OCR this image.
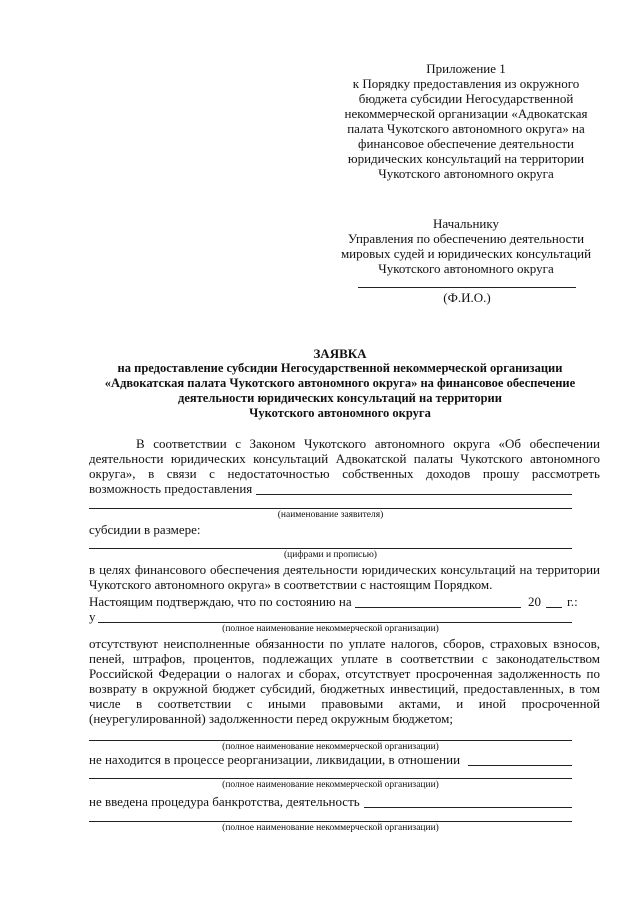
Приложение 1
к Порядку предоставления из окружного
бюджета субсидии Негосударственной
некоммерческой организации «Адвокатская
палата Чукотского автономного округа» на
финансовое обеспечение деятельности
юридических консультаций на территории
Чукотского автономного округа
Начальнику
Управления по обеспечению деятельности
мировых судей и юридических консультаций
Чукотского автономного округа
(Ф.И.О.)
ЗАЯВКА
на предоставление субсидии Негосударственной некоммерческой организации
«Адвокатская палата Чукотского автономного округа» на финансовое обеспечение
деятельности юридических консультаций на территории
Чукотского автономного округа
В соответствии с Законом Чукотского автономного округа «Об обеспечении
деятельности юридических консультаций Адвокатской палаты Чукотского автономного
округа», в связи с недостаточностью собственных доходов прошу рассмотреть
возможность предоставления
(наименование заявителя)
субсидии в размере:
(цифрами и прописью)
в целях финансового обеспечения деятельности юридических консультаций на территории
Чукотского автономного округа» в соответствии с настоящим Порядком.
Настоящим подтверждаю, что по состоянию на	20 г.:
у
(полное наименование некоммерческой организации)
отсутствуют неисполненные обязанности по уплате налогов, сборов, страховых взносов,
пеней, штрафов, процентов, подлежащих уплате в соответствии с законодательством
Российской Федерации о налогах и сборах, отсутствует просроченная задолженность по
возврату в окружной бюджет субсидий, бюджетных инвестиций, предоставленных, в том
числе в соответствии с иными правовыми актами, и иной просроченной
(неурегулированной) задолженности перед окружным бюджетом;
(полное наименование некоммерческой организации)
не находится в процессе реорганизации, ликвидации, в отношении
(полное наименование некоммерческой организации)
не введена процедура банкротства, деятельность
(полное наименование некоммерческой организации)
